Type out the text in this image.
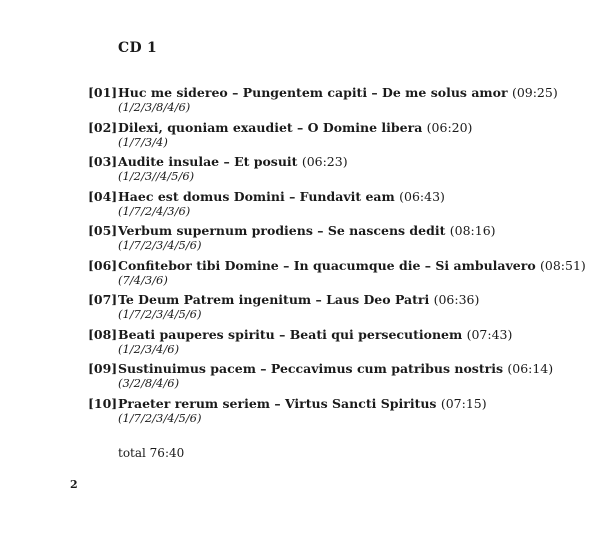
CD 1
[01] Huc me sidereo – Pungentem capiti – De me solus amor (09:25)
(1/2/3/8/4/6)
[02] Dilexi, quoniam exaudiet – O Domine libera (06:20)
(1/7/3/4)
[03] Audite insulae – Et posuit (06:23)
(1/2/3//4/5/6)
[04] Haec est domus Domini – Fundavit eam (06:43)
(1/7/2/4/3/6)
[05] Verbum supernum prodiens – Se nascens dedit (08:16)
(1/7/2/3/4/5/6)
[06] Confitebor tibi Domine – In quacumque die – Si ambulavero (08:51)
(7/4/3/6)
[07] Te Deum Patrem ingenitum – Laus Deo Patri (06:36)
(1/7/2/3/4/5/6)
[08] Beati pauperes spiritu – Beati qui persecutionem (07:43)
(1/2/3/4/6)
[09] Sustinuimus pacem – Peccavimus cum patribus nostris (06:14)
(3/2/8/4/6)
[10] Praeter rerum seriem – Virtus Sancti Spiritus (07:15)
(1/7/2/3/4/5/6)
total 76:40
2
